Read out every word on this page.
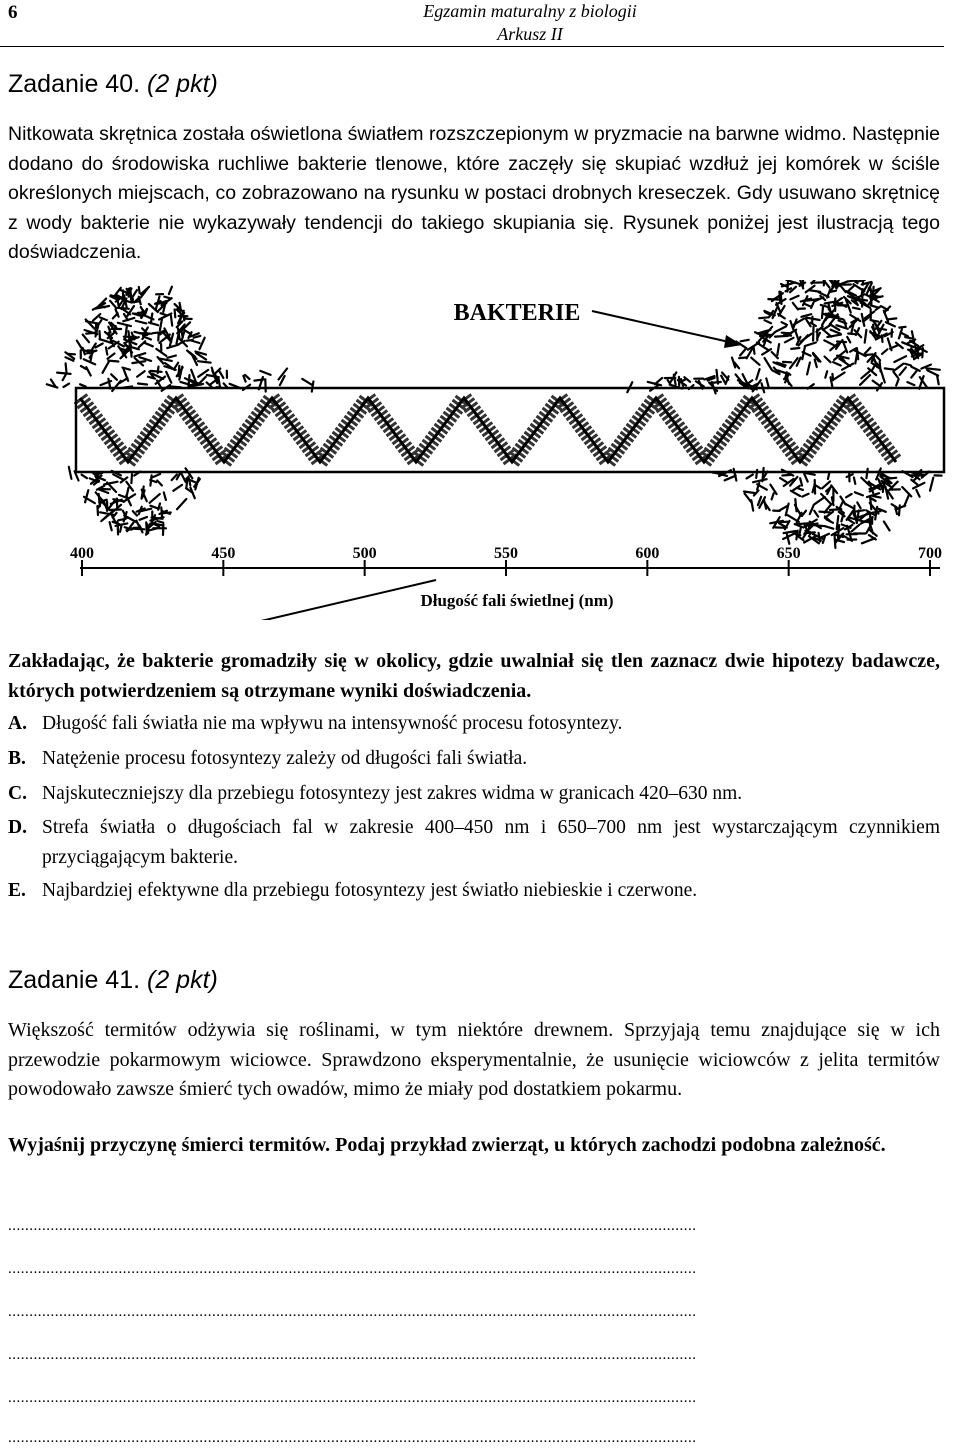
6	Egzamin maturalny z biologii
Arkusz II
Zadanie 40. (2 pkt)

Nitkowata skrętnica została oświetlona światłem rozszczepionym w pryzmacie na barwne widmo. Następnie dodano do środowiska ruchliwe bakterie tlenowe, które zaczęły się skupiać wzdłuż jej komórek w ściśle określonych miejscach, co zobrazowano na rysunku w postaci drobnych kreseczek. Gdy usuwano skrętnicę z wody bakterie nie wykazywały tendencji do takiego skupiania się. Rysunek poniżej jest ilustracją tego doświadczenia.

BAKTERIE
400	450	500	550	600	650	700
Długość fali świetlnej (nm)

Zakładając, że bakterie gromadziły się w okolicy, gdzie uwalniał się tlen zaznacz dwie hipotezy badawcze, których potwierdzeniem są otrzymane wyniki doświadczenia.

A. Długość fali światła nie ma wpływu na intensywność procesu fotosyntezy.
B. Natężenie procesu fotosyntezy zależy od długości fali światła.
C. Najskuteczniejszy dla przebiegu fotosyntezy jest zakres widma w granicach 420–630 nm.
D. Strefa światła o długościach fal w zakresie 400–450 nm i 650–700 nm jest wystarczającym czynnikiem przyciągającym bakterie.
E. Najbardziej efektywne dla przebiegu fotosyntezy jest światło niebieskie i czerwone.
Zadanie 41. (2 pkt)

Większość termitów odżywia się roślinami, w tym niektóre drewnem. Sprzyjają temu znajdujące się w ich przewodzie pokarmowym wiciowce. Sprawdzono eksperymentalnie, że usunięcie wiciowców z jelita termitów powodowało zawsze śmierć tych owadów, mimo że miały pod dostatkiem pokarmu.

Wyjaśnij przyczynę śmierci termitów. Podaj przykład zwierząt, u których zachodzi podobna zależność.

..................................................................................................................................................................
..................................................................................................................................................................
..................................................................................................................................................................
..................................................................................................................................................................
..................................................................................................................................................................
..................................................................................................................................................................
